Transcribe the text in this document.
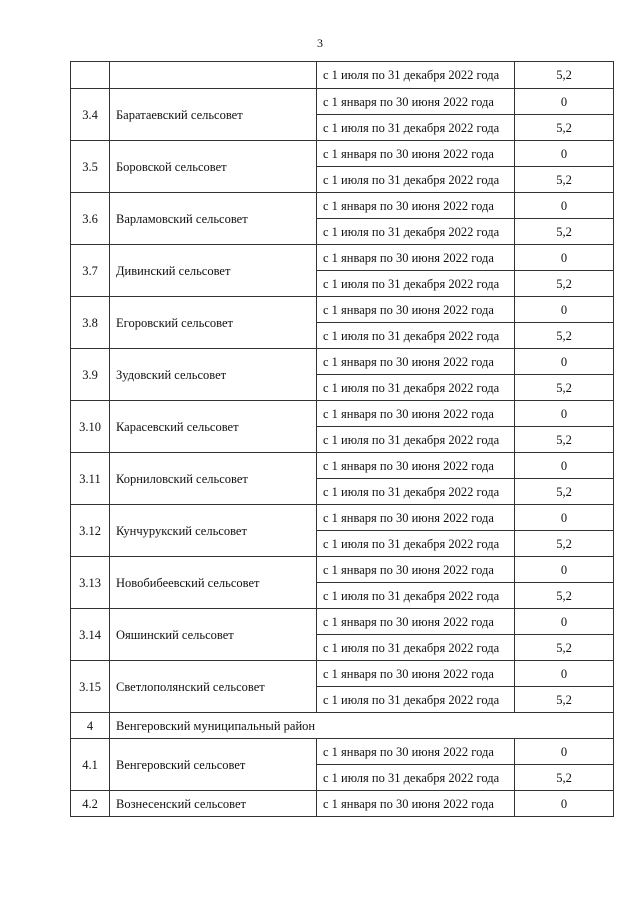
3
		с 1 июля по 31 декабря 2022 года	5,2
3.4	Баратаевский сельсовет	с 1 января по 30 июня 2022 года	0
		с 1 июля по 31 декабря 2022 года	5,2
3.5	Боровской сельсовет	с 1 января по 30 июня 2022 года	0
		с 1 июля по 31 декабря 2022 года	5,2
3.6	Варламовский сельсовет	с 1 января по 30 июня 2022 года	0
		с 1 июля по 31 декабря 2022 года	5,2
3.7	Дивинский сельсовет	с 1 января по 30 июня 2022 года	0
		с 1 июля по 31 декабря 2022 года	5,2
3.8	Егоровский сельсовет	с 1 января по 30 июня 2022 года	0
		с 1 июля по 31 декабря 2022 года	5,2
3.9	Зудовский сельсовет	с 1 января по 30 июня 2022 года	0
		с 1 июля по 31 декабря 2022 года	5,2
3.10	Карасевский сельсовет	с 1 января по 30 июня 2022 года	0
		с 1 июля по 31 декабря 2022 года	5,2
3.11	Корниловский сельсовет	с 1 января по 30 июня 2022 года	0
		с 1 июля по 31 декабря 2022 года	5,2
3.12	Кунчурукский сельсовет	с 1 января по 30 июня 2022 года	0
		с 1 июля по 31 декабря 2022 года	5,2
3.13	Новобибеевский сельсовет	с 1 января по 30 июня 2022 года	0
		с 1 июля по 31 декабря 2022 года	5,2
3.14	Ояшинский сельсовет	с 1 января по 30 июня 2022 года	0
		с 1 июля по 31 декабря 2022 года	5,2
3.15	Светлополянский сельсовет	с 1 января по 30 июня 2022 года	0
		с 1 июля по 31 декабря 2022 года	5,2
4	Венгеровский муниципальный район		
4.1	Венгеровский сельсовет	с 1 января по 30 июня 2022 года	0
		с 1 июля по 31 декабря 2022 года	5,2
4.2	Вознесенский сельсовет	с 1 января по 30 июня 2022 года	0
